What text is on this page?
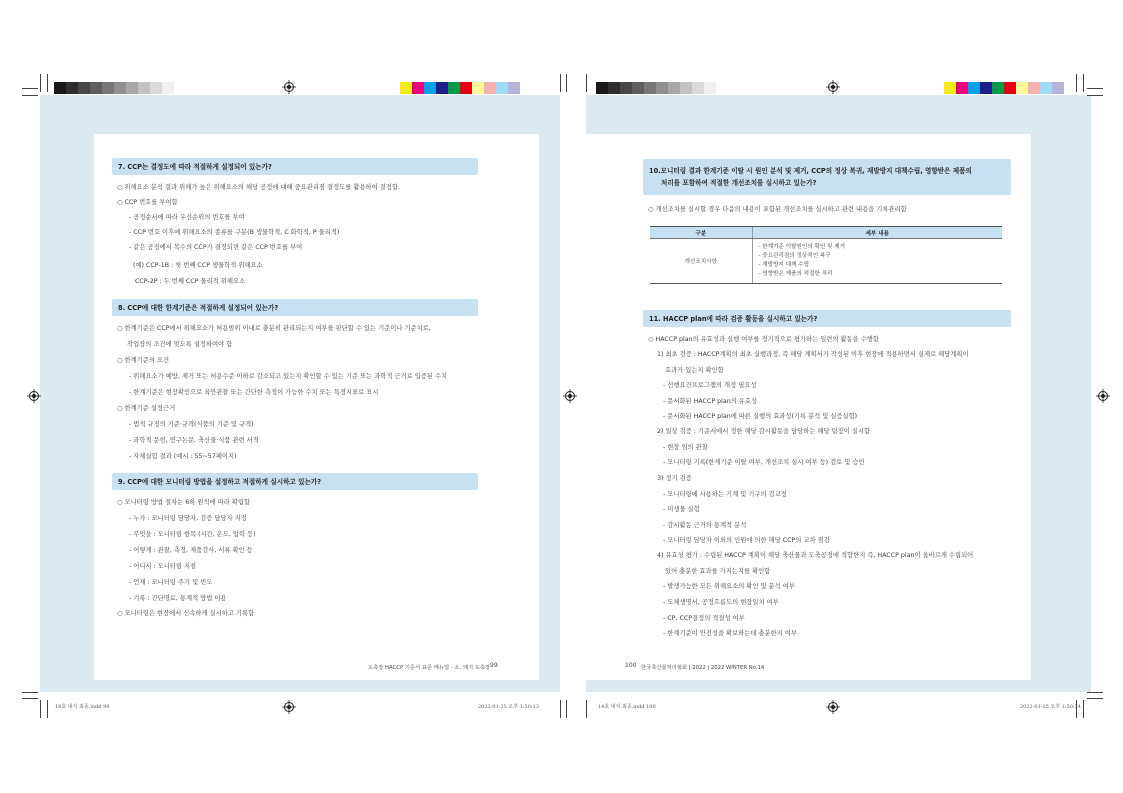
14호 내지 최종.indd 99	2022-01-25 오후 1:50:13	14호 내지 최종.indd 100	2022-01-25 오후 1:50:24
7. CCP는 결정도에 따라 적절하게 설정되어 있는가?
○ 위해요소 분석 결과 위해가 높은 위해요소의 해당 공정에 대해 중요관리점 결정도를 활용하여 결정함.
○ CCP 번호를 부여함
- 공정순서에 따라 우선순위의 번호를 부여
- CCP 번호 이후에 위해요소의 종류를 구분(B 생물학적, C 화학적, P 물리적)
- 같은 공정에서 복수의 CCP가 결정되면 같은 CCP 번호를 부여
(예) CCP-1B : 첫 번째 CCP 생물학적 위해요소
CCP-2P : 두 번째 CCP 물리적 위해요소
8. CCP에 대한 한계기준은 적절하게 설정되어 있는가?
○ 한계기준은 CCP에서 위해요소가 허용범위 이내로 충분히 관리되는지 여부를 판단할 수 있는 기준이나 기준치로,
작업장의 조건에 맞도록 설정하여야 함
○ 한계기준의 요건
- 위해요소가 예방, 제거 또는 허용수준 이하로 감소되고 있는지 확인할 수 있는 기준 또는 과학적 근거로 입증된 수치
- 한계기준은 현장확인으로 육안관찰 또는 간단한 측정이 가능한 수치 또는 특정지표로 표시
○ 한계기준 설정근거
- 법적 규정의 기준·규격(식품의 기준 및 규격)
- 과학적 문헌, 연구논문, 축산물·식품 관련 서적
- 자체실험 결과 (예시 : 55~57페이지)
9. CCP에 대한 모니터링 방법을 설정하고 적절하게 실시하고 있는가?
○ 모니터링 방법 절차는 6하 원칙에 따라 확립함
- 누가 : 모니터링 담당자, 검증 담당자 지정
- 무엇을 : 모니터링 항목 (시간, 온도, 압력 등)
- 어떻게 : 관찰, 측정, 제품검사, 서류 확인 등
- 어디서 : 모니터링 지점
- 언제 : 모니터링 주기 및 빈도
- 기록 : 간단명료, 통계적 방법 이용
○ 모니터링은 현장에서 신속하게 실시하고 기록함
도축장 HACCP 기준서 표준 매뉴얼 - 소, 돼지 도축장 99
10.모니터링 결과 한계기준 이탈 시 원인 분석 및 제거, CCP의 정상 복귀, 재발방지 대책수립, 영향받은 제품의
처리를 포함하여 적절한 개선조치를 실시하고 있는가?
○ 개선조치를 실시할 경우 다음의 내용이 포함된 개선조치를 실시하고 관련 내용을 기록관리함
구분	세부 내용
개선조치사항	- 한계기준 이탈원인의 확인 및 제거
- 중요관리점의 정상적인 복구
- 재발방지 대책 수립
- 영향받은 제품의 적절한 처리
11. HACCP plan에 따라 검증 활동을 실시하고 있는가?
○ HACCP plan의 유효성과 실행 여부를 정기적으로 평가하는 일련의 활동을 수행함
1) 최초 검증 : HACCP계획의 최초 실행과정, 즉 해당 계획서가 작성된 이후 현장에 적용하면서 실제로 해당계획이
효과가 있는지 확인함
- 선행요건프로그램의 개정 필요성
- 문서화된 HACCP plan의 유효성
- 문서화된 HACCP plan에 따른 실행의 효과성(기록 분석 및 실증실험)
2) 일상 검증 : 기준서에서 정한 해당 감시활동을 담당하는 해당 팀장이 실시함
- 현장 임의 관찰
- 모니터링 기록(한계기준 이탈 여부, 개선조치 실시 여부 등) 검토 및 승인
3) 정기 검증
- 모니터링에 사용하는 기계 및 기구의 검교정
- 미생물 실험
- 감시활동 근거의 통계적 분석
- 모니터링 담당자 이외의 인원에 의한 해당 CCP의 교차 점검
4) 유효성 평가 : 수립된 HACCP 계획이 해당 축산물과 도축공정에 적합한지 즉, HACCP plan이 올바르게 수립되어
있어 충분한 효과를 가지는지를 확인함
- 발생가능한 모든 위해요소의 확인 및 분석 여부
- 도체생명서, 공정흐름도의 현장일치 여부
- CP, CCP결정의 적절성 여부
- 한계기준이 안전성을 확보하는데 충분한지 여부
100 한국축산물처리협회 | 2022 | 2022 WINTER No.14
